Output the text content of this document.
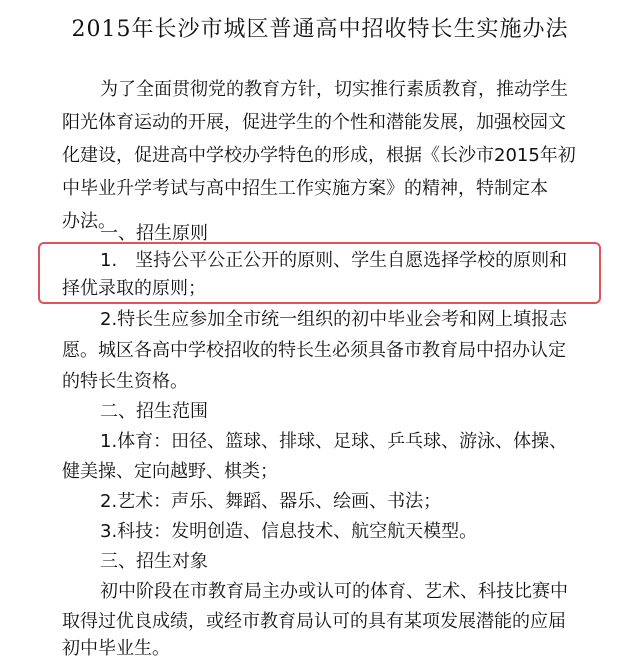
2015年长沙市城区普通高中招收特长生实施办法
为了全面贯彻党的教育方针，切实推行素质教育，推动学生
阳光体育运动的开展，促进学生的个性和潜能发展，加强校园文
化建设，促进高中学校办学特色的形成，根据《长沙市2015年初
中毕业升学考试与高中招生工作实施方案》的精神，特制定本
办法。
一、招生原则
1.　坚持公平公正公开的原则、学生自愿选择学校的原则和
择优录取的原则；
2.特长生应参加全市统一组织的初中毕业会考和网上填报志
愿。城区各高中学校招收的特长生必须具备市教育局中招办认定
的特长生资格。
二、招生范围
1.体育：田径、篮球、排球、足球、乒乓球、游泳、体操、
健美操、定向越野、棋类；
2.艺术：声乐、舞蹈、器乐、绘画、书法；
3.科技：发明创造、信息技术、航空航天模型。
三、招生对象
初中阶段在市教育局主办或认可的体育、艺术、科技比赛中
取得过优良成绩，或经市教育局认可的具有某项发展潜能的应届
初中毕业生。
